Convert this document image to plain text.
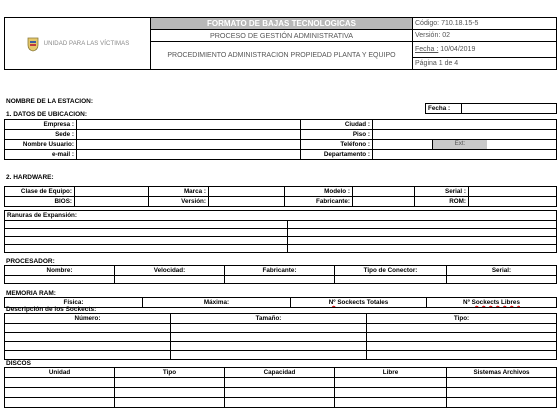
UNIDAD PARA LAS VÍCTIMAS	FORMATO DE BAJAS TECNOLOGICAS	Código: 710.18.15-5
	PROCESO DE GESTIÓN ADMINISTRATIVA	Versión: 02
	PROCEDIMIENTO ADMINISTRACION PROPIEDAD PLANTA Y EQUIPO	Fecha : 10/04/2019
		Página 1 de 4
NOMBRE DE LA ESTACION:
Fecha :	
1. DATOS DE UBICACION:
Empresa :		Ciudad :		
Sede :		Piso :		
Nombre Usuario:		Teléfono :		Ext:

e-mail :		Departamento :		
2. HARDWARE:
Clase de Equipo:		Marca :		Modelo :		Serial :	
BIOS:		Versión:		Fabricante:		ROM:	
Ranuras de Expansión:	

PROCESADOR:
Nombre:	Velocidad:	Fabricante:	Tipo de Conector:	Serial:

MEMORIA RAM:
Física:	Máxima:	Nº Sockects Totales	Nº Sockects Libres
Descripción de los Sockects:
Número:	Tamaño:	Tipo:

DISCOS
Unidad	Tipo	Capacidad	Libre	Sistemas Archivos
